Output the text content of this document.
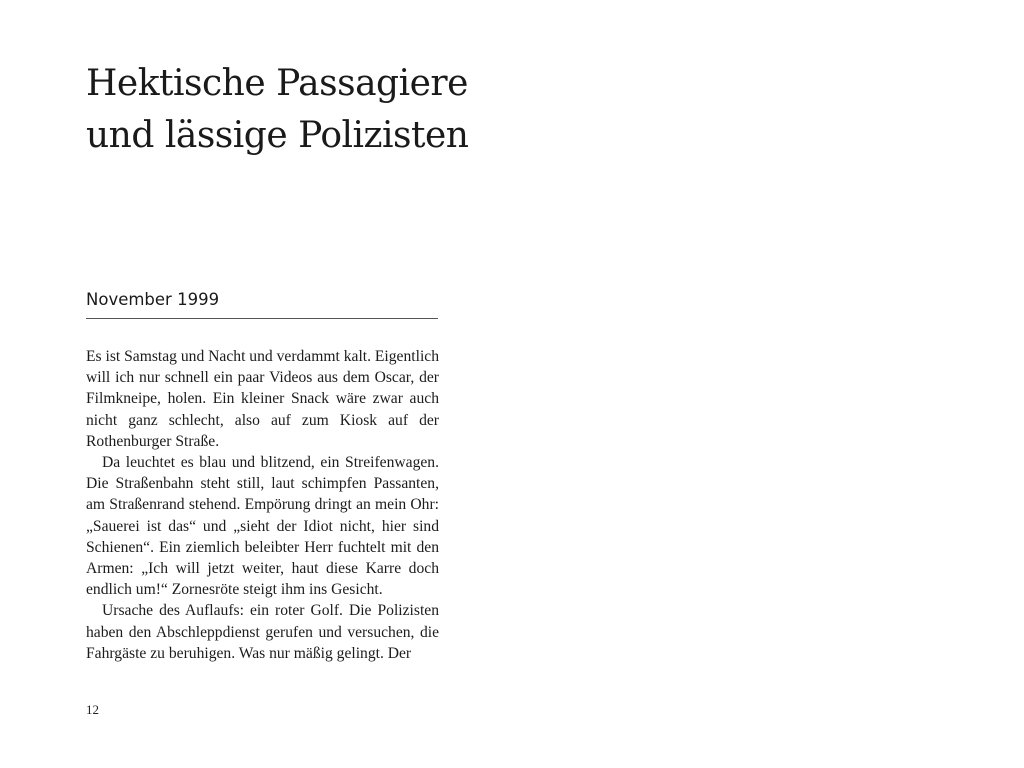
Hektische Passagiere
und lässige Polizisten
November 1999

Es ist Samstag und Nacht und verdammt kalt. Eigentlich will ich nur schnell ein paar Videos aus dem Oscar, der Filmkneipe, holen. Ein kleiner Snack wäre zwar auch nicht ganz schlecht, also auf zum Kiosk auf der Rothenburger Straße.

Da leuchtet es blau und blitzend, ein Streifenwagen. Die Straßenbahn steht still, laut schimpfen Passanten, am Straßenrand stehend. Empörung dringt an mein Ohr: „Sauerei ist das“ und „sieht der Idiot nicht, hier sind Schienen“. Ein ziemlich beleibter Herr fuchtelt mit den Armen: „Ich will jetzt weiter, haut diese Karre doch endlich um!“ Zornesröte steigt ihm ins Gesicht.

Ursache des Auflaufs: ein roter Golf. Die Polizisten haben den Abschleppdienst gerufen und versuchen, die Fahrgäste zu beruhigen. Was nur mäßig gelingt. Der

12
